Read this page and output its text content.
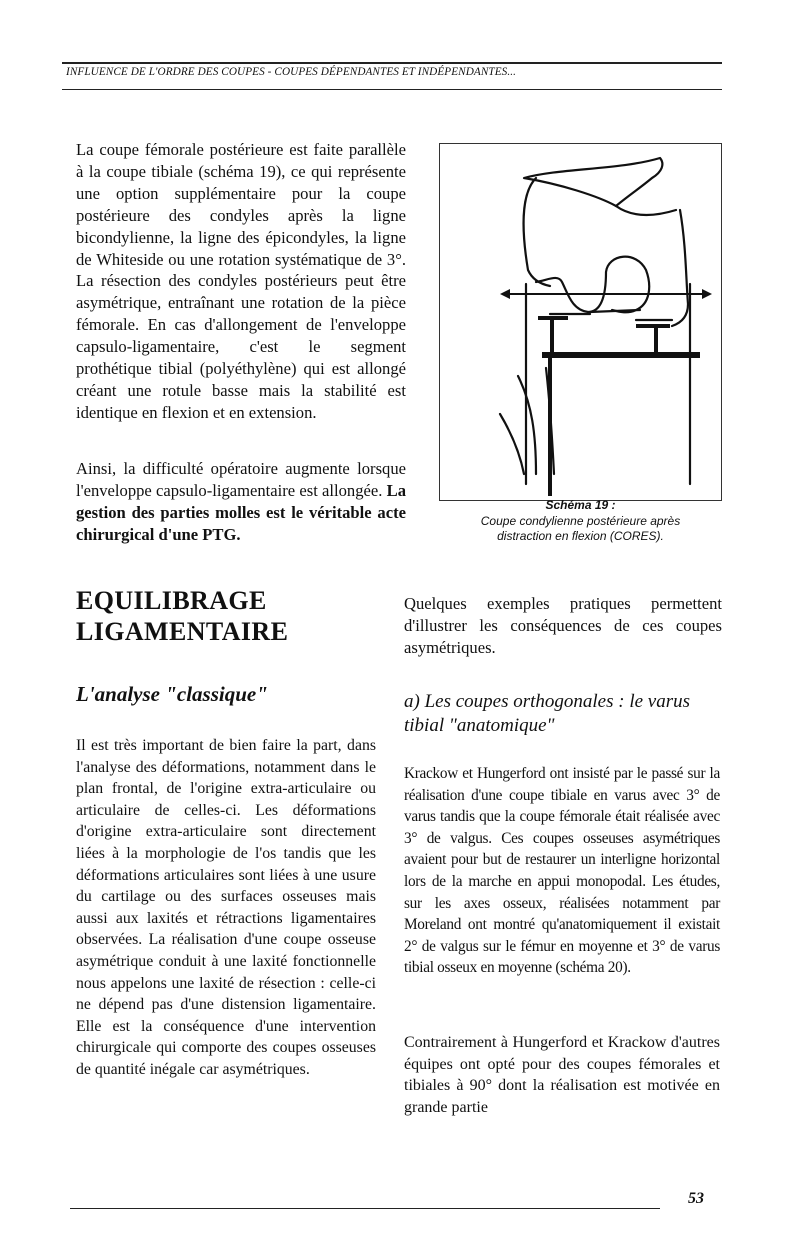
INFLUENCE DE L'ORDRE DES COUPES - COUPES DÉPENDANTES ET INDÉPENDANTES...

La coupe fémorale postérieure est faite parallèle à la coupe tibiale (schéma 19), ce qui représente une option supplémentaire pour la coupe postérieure des condyles après la ligne bicondylienne, la ligne des épicondyles, la ligne de Whiteside ou une rotation systématique de 3°. La résection des condyles postérieurs peut être asymétrique, entraînant une rotation de la pièce fémorale. En cas d'allongement de l'enveloppe capsulo-ligamentaire, c'est le segment prothétique tibial (polyéthylène) qui est allongé créant une rotule basse mais la stabilité est identique en flexion et en extension.

Ainsi, la difficulté opératoire augmente lorsque l'enveloppe capsulo-ligamentaire est allongée. La gestion des parties molles est le véritable acte chirurgical d'une PTG.

Schéma 19 :
Coupe condylienne postérieure après
distraction en flexion (CORES).
EQUILIBRAGE LIGAMENTAIRE
L'analyse "classique"

Il est très important de bien faire la part, dans l'analyse des déformations, notamment dans le plan frontal, de l'origine extra-articulaire ou articulaire de celles-ci. Les déformations d'origine extra-articulaire sont directement liées à la morphologie de l'os tandis que les déformations articulaires sont liées à une usure du cartilage ou des surfaces osseuses mais aussi aux laxités et rétractions ligamentaires observées. La réalisation d'une coupe osseuse asymétrique conduit à une laxité fonctionnelle nous appelons une laxité de résection : celle-ci ne dépend pas d'une distension ligamentaire. Elle est la conséquence d'une intervention chirurgicale qui comporte des coupes osseuses de quantité inégale car asymétriques.

Quelques exemples pratiques permettent d'illustrer les conséquences de ces coupes asymétriques.

a) Les coupes orthogonales : le varus tibial "anatomique"

Krackow et Hungerford ont insisté par le passé sur la réalisation d'une coupe tibiale en varus avec 3° de varus tandis que la coupe fémorale était réalisée avec 3° de valgus. Ces coupes osseuses asymétriques avaient pour but de restaurer un interligne horizontal lors de la marche en appui monopodal. Les études, sur les axes osseux, réalisées notamment par Moreland ont montré qu'anatomiquement il existait 2° de valgus sur le fémur en moyenne et 3° de varus tibial osseux en moyenne (schéma 20).

Contrairement à Hungerford et Krackow d'autres équipes ont opté pour des coupes fémorales et tibiales à 90° dont la réalisation est motivée en grande partie

53
